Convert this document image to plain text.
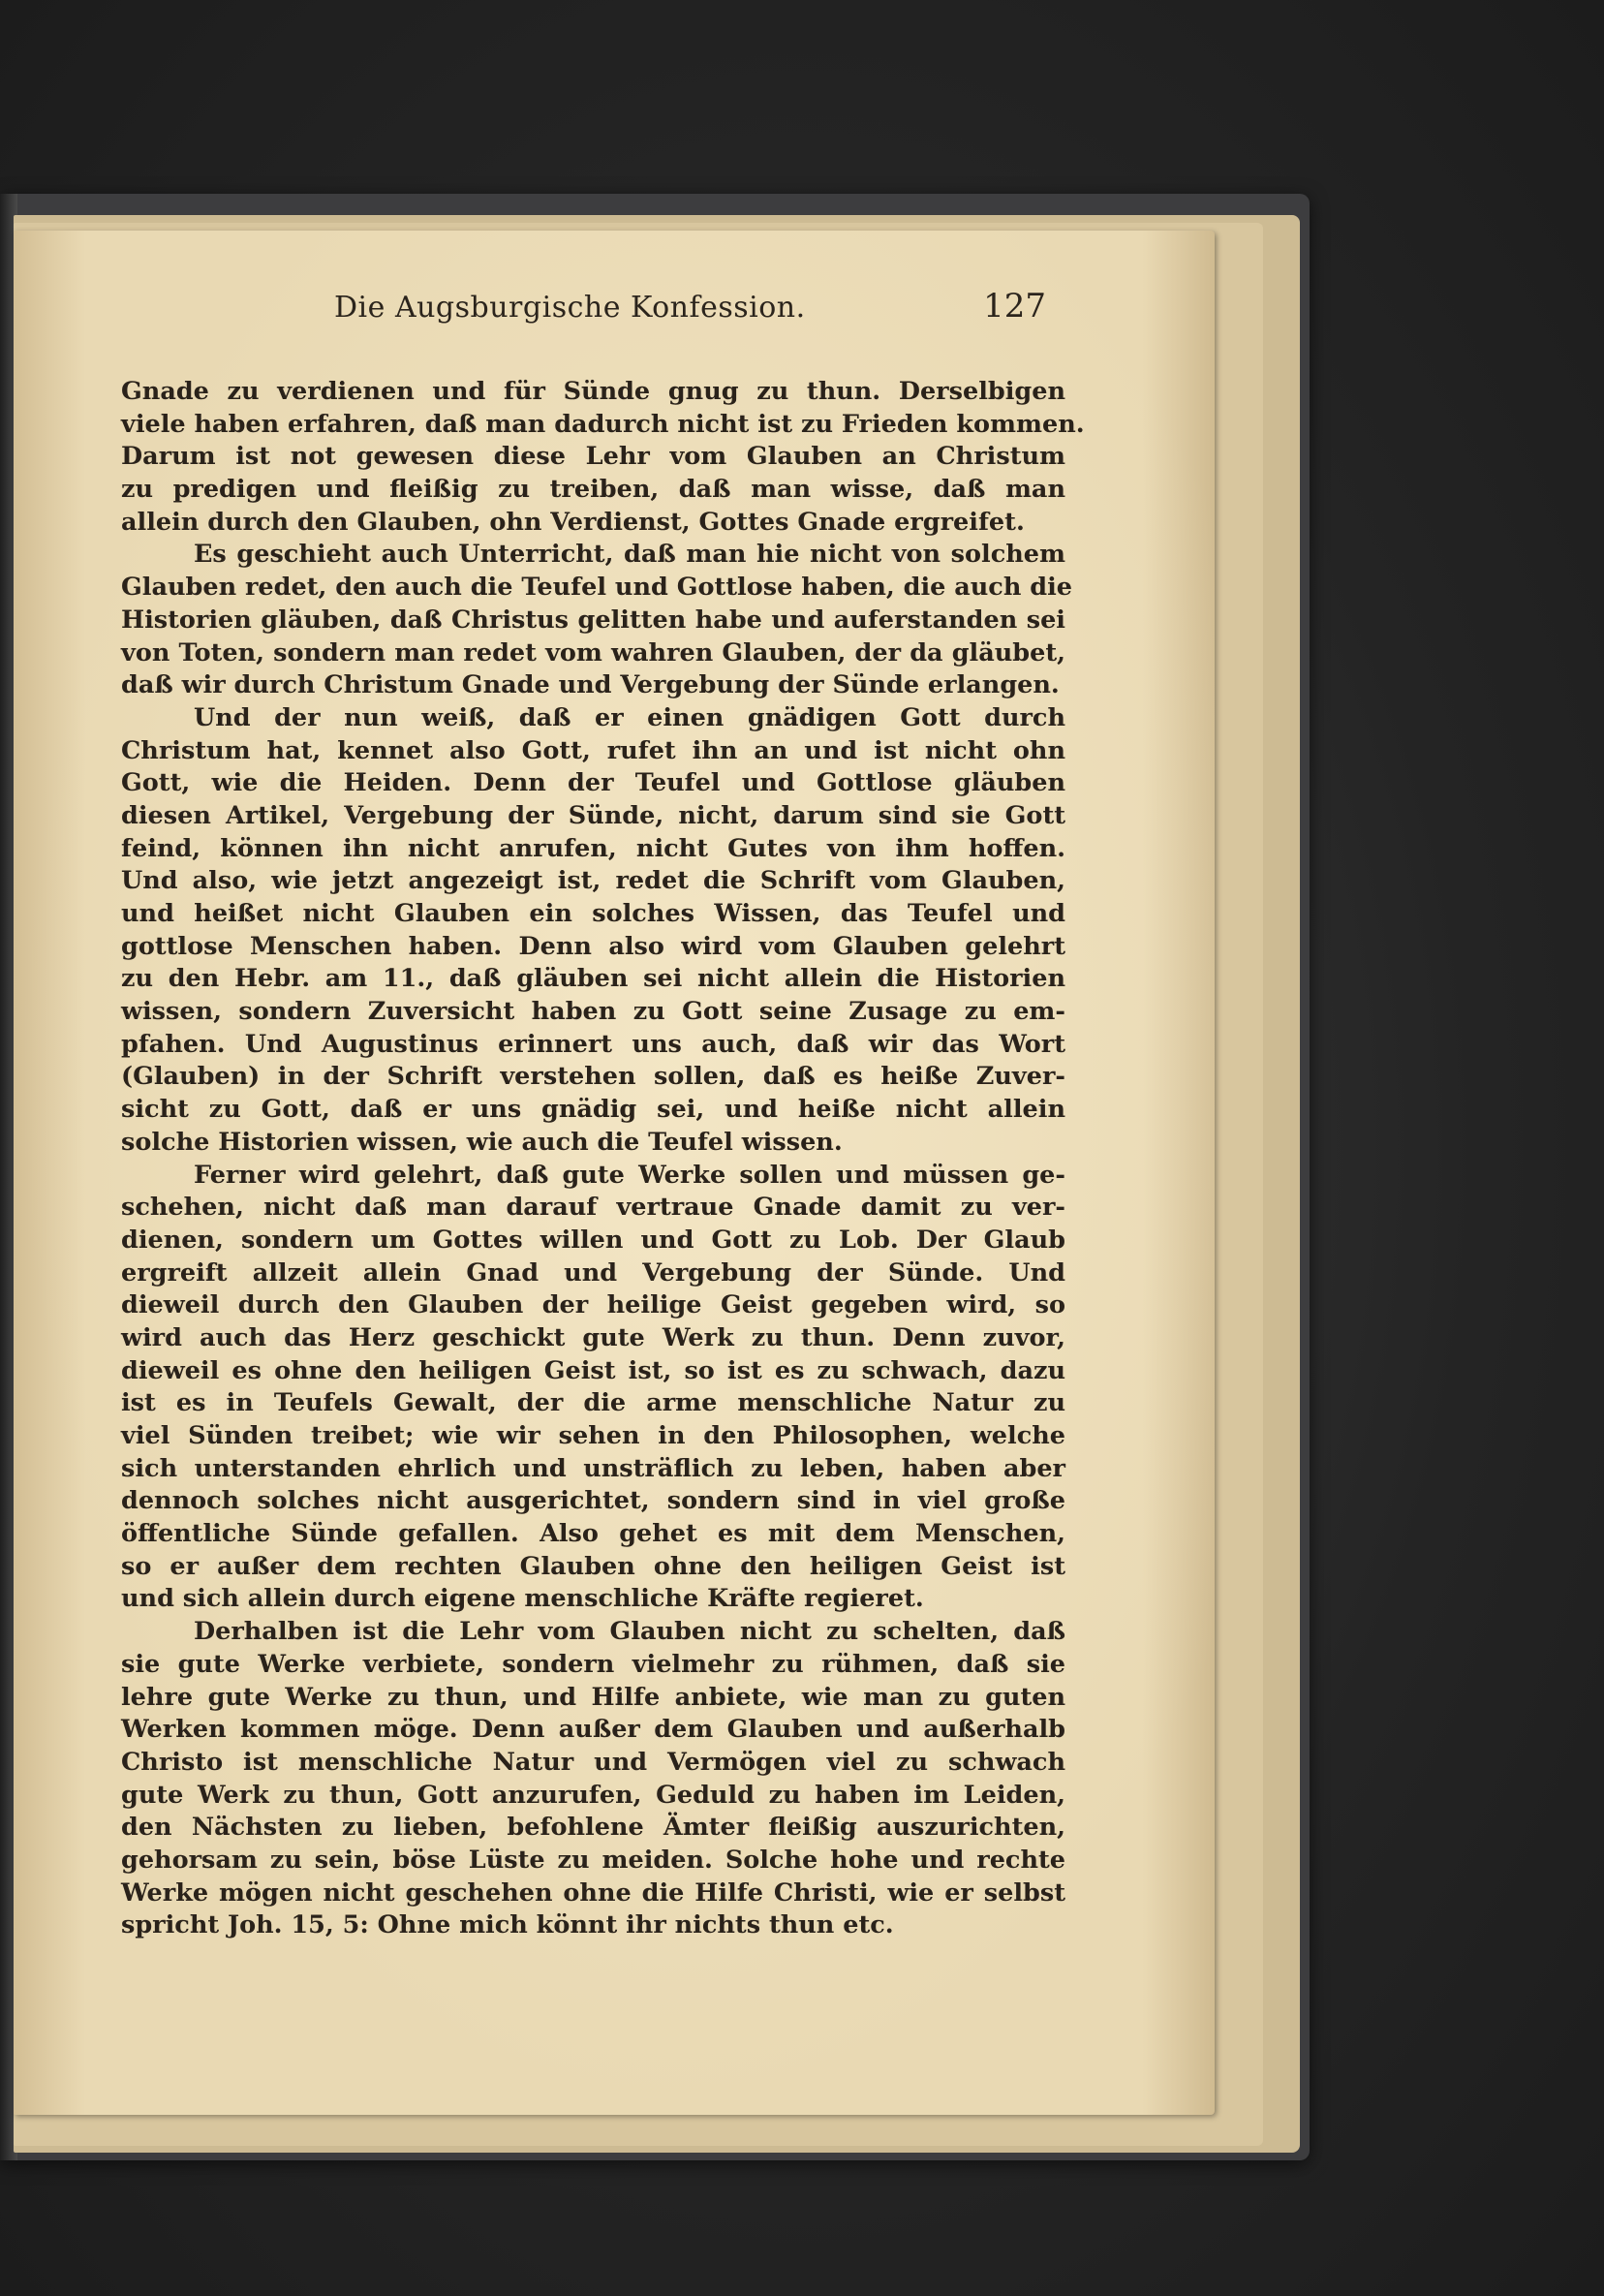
Die Augsburgische Konfession.	127
Gnade zu verdienen und für Sünde gnug zu thun. Derselbigen
viele haben erfahren, daß man dadurch nicht ist zu Frieden kommen.
Darum ist not gewesen diese Lehr vom Glauben an Christum
zu predigen und fleißig zu treiben, daß man wisse, daß man
allein durch den Glauben, ohn Verdienst, Gottes Gnade ergreifet.
Es geschieht auch Unterricht, daß man hie nicht von solchem
Glauben redet, den auch die Teufel und Gottlose haben, die auch die
Historien gläuben, daß Christus gelitten habe und auferstanden sei
von Toten, sondern man redet vom wahren Glauben, der da gläubet,
daß wir durch Christum Gnade und Vergebung der Sünde erlangen.
Und der nun weiß, daß er einen gnädigen Gott durch
Christum hat, kennet also Gott, rufet ihn an und ist nicht ohn
Gott, wie die Heiden. Denn der Teufel und Gottlose gläuben
diesen Artikel, Vergebung der Sünde, nicht, darum sind sie Gott
feind, können ihn nicht anrufen, nicht Gutes von ihm hoffen.
Und also, wie jetzt angezeigt ist, redet die Schrift vom Glauben,
und heißet nicht Glauben ein solches Wissen, das Teufel und
gottlose Menschen haben. Denn also wird vom Glauben gelehrt
zu den Hebr. am 11., daß gläuben sei nicht allein die Historien
wissen, sondern Zuversicht haben zu Gott seine Zusage zu em-
pfahen. Und Augustinus erinnert uns auch, daß wir das Wort
(Glauben) in der Schrift verstehen sollen, daß es heiße Zuver-
sicht zu Gott, daß er uns gnädig sei, und heiße nicht allein
solche Historien wissen, wie auch die Teufel wissen.
Ferner wird gelehrt, daß gute Werke sollen und müssen ge-
schehen, nicht daß man darauf vertraue Gnade damit zu ver-
dienen, sondern um Gottes willen und Gott zu Lob. Der Glaub
ergreift allzeit allein Gnad und Vergebung der Sünde. Und
dieweil durch den Glauben der heilige Geist gegeben wird, so
wird auch das Herz geschickt gute Werk zu thun. Denn zuvor,
dieweil es ohne den heiligen Geist ist, so ist es zu schwach, dazu
ist es in Teufels Gewalt, der die arme menschliche Natur zu
viel Sünden treibet; wie wir sehen in den Philosophen, welche
sich unterstanden ehrlich und unsträflich zu leben, haben aber
dennoch solches nicht ausgerichtet, sondern sind in viel große
öffentliche Sünde gefallen. Also gehet es mit dem Menschen,
so er außer dem rechten Glauben ohne den heiligen Geist ist
und sich allein durch eigene menschliche Kräfte regieret.
Derhalben ist die Lehr vom Glauben nicht zu schelten, daß
sie gute Werke verbiete, sondern vielmehr zu rühmen, daß sie
lehre gute Werke zu thun, und Hilfe anbiete, wie man zu guten
Werken kommen möge. Denn außer dem Glauben und außerhalb
Christo ist menschliche Natur und Vermögen viel zu schwach
gute Werk zu thun, Gott anzurufen, Geduld zu haben im Leiden,
den Nächsten zu lieben, befohlene Ämter fleißig auszurichten,
gehorsam zu sein, böse Lüste zu meiden. Solche hohe und rechte
Werke mögen nicht geschehen ohne die Hilfe Christi, wie er selbst
spricht Joh. 15, 5: Ohne mich könnt ihr nichts thun etc.
